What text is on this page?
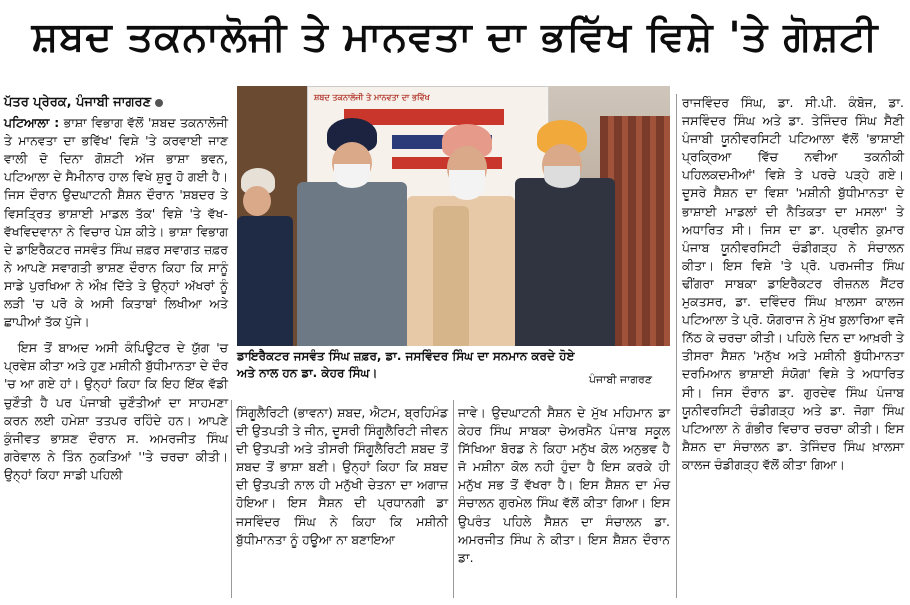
ਸ਼ਬਦ ਤਕਨਾਲੋਜੀ ਤੇ ਮਾਨਵਤਾ ਦਾ ਭਵਿੱਖ ਵਿਸ਼ੇ 'ਤੇ ਗੋਸ਼ਟੀ
ਪੱਤਰ ਪ੍ਰੇਰਕ, ਪੰਜਾਬੀ ਜਾਗਰਣ

ਪਟਿਆਲਾ : ਭਾਸ਼ਾ ਵਿਭਾਗ ਵੱਲੋਂ 'ਸ਼ਬਦ ਤਕਨਾਲੋਜੀ ਤੇ ਮਾਨਵਤਾ ਦਾ ਭਵਿੱਖ' ਵਿਸ਼ੇ 'ਤੇ ਕਰਵਾਈ ਜਾਣ ਵਾਲੀ ਦੋ ਦਿਨਾ ਗੋਸ਼ਟੀ ਅੱਜ ਭਾਸ਼ਾ ਭਵਨ, ਪਟਿਆਲਾ ਦੇ ਸੈਮੀਨਾਰ ਹਾਲ ਵਿਖੇ ਸ਼ੁਰੂ ਹੋ ਗਈ ਹੈ। ਜਿਸ ਦੌਰਾਨ ਉਦਘਾਟਨੀ ਸ਼ੈਸ਼ਨ ਦੌਰਾਨ 'ਸ਼ਬਦਰ ਤੇ ਵਿਸਤ੍ਰਿਤ ਭਾਸ਼ਾਈ ਮਾਡਲ ਤੱਕ' ਵਿਸ਼ੇ 'ਤੇ ਵੱਖ-ਵੱਖਵਿਦਵਾਨਾ ਨੇ ਵਿਚਾਰ ਪੇਸ਼ ਕੀਤੇ। ਭਾਸ਼ਾ ਵਿਭਾਗ ਦੇ ਡਾਇਰੈਕਟਰ ਜਸਵੰਤ ਸਿੰਘ ਜ਼ਫ਼ਰ ਸਵਾਗਤ ਜ਼ਫ਼ਰ ਨੇ ਆਪਣੇ ਸਵਾਗਤੀ ਭਾਸ਼ਣ ਦੌਰਾਨ ਕਿਹਾ ਕਿ ਸਾਨੂੰ ਸਾਡੇ ਪੁਰਖਿਆ ਨੇ ਔਖ਼ ਦਿੱਤੇ ਤੇ ਉਨ੍ਹਾਂ ਅੱਖਰਾਂ ਨੂੰ ਲੜੀ 'ਚ ਪਰੋ ਕੇ ਅਸੀ ਕਿਤਾਬਾਂ ਲਿਖੀਆ ਅਤੇ ਛਾਪੀਆਂ ਤੱਕ ਪੁੱਜੇ।

ਇਸ ਤੋਂ ਬਾਅਦ ਅਸੀ ਕੰਪਿਊਟਰ ਦੇ ਯੁੱਗ 'ਚ ਪ੍ਰਵੇਸ਼ ਕੀਤਾ ਅਤੇ ਹੁਣ ਮਸ਼ੀਨੀ ਬੁੱਧੀਮਾਨਤਾ ਦੇ ਦੌਰ 'ਚ ਆ ਗਏ ਹਾਂ। ਉਨ੍ਹਾਂ ਕਿਹਾ ਕਿ ਇਹ ਇੱਕ ਵੱਡੀ ਚੁਣੌਤੀ ਹੈ ਪਰ ਪੰਜਾਬੀ ਚੁਣੌਤੀਆਂ ਦਾ ਸਾਹਮਣਾ ਕਰਨ ਲਈ ਹਮੇਸ਼ਾ ਤਤਪਰ ਰਹਿੰਦੇ ਹਨ। ਆਪਣੇ ਕੁੰਜੀਵਤ ਭਾਸ਼ਣ ਦੌਰਾਨ ਸ. ਅਮਰਜੀਤ ਸਿੰਘ ਗਰੇਵਾਲ ਨੇ ਤਿੰਨ ਨੁਕਤਿਆਂ ''ਤੇ ਚਰਚਾ ਕੀਤੀ। ਉਨ੍ਹਾਂ ਕਿਹਾ ਸਾਡੀ ਪਹਿਲੀ

ਸ਼ਬਦ ਤਕਨਾਲੋਜੀ ਤੇ ਮਾਨਵਤਾ ਦਾ ਭਵਿੱਖ
ਡਾਇਰੈਕਟਰ ਜਸਵੰਤ ਸਿੰਘ ਜ਼ਫ਼ਰ, ਡਾ. ਜਸਵਿੰਦਰ ਸਿੰਘ ਦਾ ਸਨਮਾਨ ਕਰਦੇ ਹੋਏ
ਅਤੇ ਨਾਲ ਹਨ ਡਾ. ਕੇਹਰ ਸਿੰਘ।	ਪੰਜਾਬੀ ਜਾਗਰਣ

ਸਿੰਗੂਲੈਰਿਟੀ (ਭਾਵਨਾ) ਸ਼ਬਦ, ਐਟਮ, ਬ੍ਰਹਿਮੰਡ ਦੀ ਉਤਪਤੀ ਤੇ ਜੀਨ, ਦੂਸਰੀ ਸਿੰਗੂਲੈਰਿਟੀ ਜੀਵਨ ਦੀ ਉਤਪਤੀ ਅਤੇ ਤੀਸਰੀ ਸਿੰਗੂਲੈਰਿਟੀ ਸ਼ਬਦ ਤੋਂ ਸ਼ਬਦ ਤੋਂ ਭਾਸ਼ਾ ਬਣੀ। ਉਨ੍ਹਾਂ ਕਿਹਾ ਕਿ ਸ਼ਬਦ ਦੀ ਉਤਪਤੀ ਨਾਲ ਹੀ ਮਨੁੱਖੀ ਚੇਤਨਾ ਦਾ ਅਗਾਜ਼ ਹੋਇਆ। ਇਸ ਸੈਸ਼ਨ ਦੀ ਪ੍ਰਧਾਨਗੀ ਡਾ ਜਸਵਿੰਦਰ ਸਿੰਘ ਨੇ ਕਿਹਾ ਕਿ ਮਸ਼ੀਨੀ ਬੁੱਧੀਮਾਨਤਾ ਨੂੰ ਹਊਆ ਨਾ ਬਣਾਇਆ

ਜਾਵੇ। ਉਦਘਾਟਨੀ ਸੈਸ਼ਨ ਦੇ ਮੁੱਖ ਮਹਿਮਾਨ ਡਾ ਕੇਹਰ ਸਿੰਘ ਸਾਬਕਾ ਚੇਅਰਮੈਨ ਪੰਜਾਬ ਸਕੂਲ ਸਿੱਖਿਆ ਬੋਰਡ ਨੇ ਕਿਹਾ ਮਨੁੱਖ ਕੋਲ ਅਨੁਭਵ ਹੈ ਜੋ ਮਸ਼ੀਨਾ ਕੋਲ ਨਹੀ ਹੁੰਦਾ ਹੈ ਇਸ ਕਰਕੇ ਹੀ ਮਨੁੱਖ ਸਭ ਤੋਂ ਵੱਖਰਾ ਹੈ। ਇਸ ਸ਼ੈਸ਼ਨ ਦਾ ਮੰਚ ਸੰਚਾਲਨ ਗੁਰਮੇਲ ਸਿੰਘ ਵੱਲੋਂ ਕੀਤਾ ਗਿਆ। ਇਸ ਉਪਰੰਤ ਪਹਿਲੇ ਸੈਸ਼ਨ ਦਾ ਸੰਚਾਲਨ ਡਾ. ਅਮਰਜੀਤ ਸਿੰਘ ਨੇ ਕੀਤਾ। ਇਸ ਸ਼ੈਸ਼ਨ ਦੌਰਾਨ ਡਾ.

ਰਾਜਵਿੰਦਰ ਸਿੰਘ, ਡਾ. ਸੀ.ਪੀ. ਕੰਬੋਜ, ਡਾ. ਜਸਵਿੰਦਰ ਸਿੰਘ ਅਤੇ ਡਾ. ਤੇਜਿੰਦਰ ਸਿੰਘ ਸੈਣੀ ਪੰਜਾਬੀ ਯੂਨੀਵਰਸਿਟੀ ਪਟਿਆਲਾ ਵੱਲੋਂ 'ਭਾਸ਼ਾਈ ਪ੍ਰਕ੍ਰਿਆ ਵਿੱਚ ਨਵੀਆ ਤਕਨੀਕੀ ਪਹਿਲਕਦਮੀਆਂ' ਵਿਸ਼ੇ ਤੇ ਪਰਚੇ ਪੜ੍ਹੇ ਗਏ। ਦੂਸਰੇ ਸੈਸ਼ਨ ਦਾ ਵਿਸ਼ਾ 'ਮਸ਼ੀਨੀ ਬੁੱਧੀਮਾਨਤਾ ਦੇ ਭਾਸ਼ਾਈ ਮਾਡਲਾਂ ਦੀ ਨੈਤਿਕਤਾ ਦਾ ਮਸਲਾ' ਤੇ ਅਧਾਰਿਤ ਸੀ। ਜਿਸ ਦਾ ਡਾ. ਪ੍ਰਵੀਨ ਕੁਮਾਰ ਪੰਜਾਬ ਯੂਨੀਵਰਸਿਟੀ ਚੰਡੀਗੜ੍ਹ ਨੇ ਸੰਚਾਲਨ ਕੀਤਾ। ਇਸ ਵਿਸ਼ੇ 'ਤੇ ਪ੍ਰੋ. ਪਰਮਜੀਤ ਸਿੰਘ ਢੀਂਗਰਾ ਸਾਬਕਾ ਡਾਇਰੈਕਟਰ ਰੀਜ਼ਨਲ ਸੈਂਟਰ ਮੁਕਤਸਰ, ਡਾ. ਦਵਿੰਦਰ ਸਿੰਘ ਖ਼ਾਲਸਾ ਕਾਲਜ ਪਟਿਆਲਾ ਤੇ ਪ੍ਰੋ. ਯੋਗਰਾਜ ਨੇ ਮੁੱਖ ਬੁਲਾਰਿਆ ਵਜੋ ਨਿੱਠ ਕੇ ਚਰਚਾ ਕੀਤੀ। ਪਹਿਲੇ ਦਿਨ ਦਾ ਆਖ਼ਰੀ ਤੇ ਤੀਸਰਾ ਸੈਸ਼ਨ 'ਮਨੁੱਖ ਅਤੇ ਮਸ਼ੀਨੀ ਬੁੱਧੀਮਾਨਤਾ ਦਰਮਿਆਨ ਭਾਸ਼ਾਈ ਸੰਯੋਗ' ਵਿਸ਼ੇ ਤੇ ਅਧਾਰਿਤ ਸੀ। ਜਿਸ ਦੌਰਾਨ ਡਾ. ਗੁਰਦੇਵ ਸਿੰਘ ਪੰਜਾਬ ਯੂਨੀਵਰਸਿਟੀ ਚੰਡੀਗੜ੍ਹ ਅਤੇ ਡਾ. ਜੋਗਾ ਸਿੰਘ ਪਟਿਆਲਾ ਨੇ ਗੰਭੀਰ ਵਿਚਾਰ ਚਰਚਾ ਕੀਤੀ। ਇਸ ਸ਼ੈਸ਼ਨ ਦਾ ਸੰਚਾਲਨ ਡਾ. ਤੇਜਿੰਦਰ ਸਿੰਘ ਖ਼ਾਲਸਾ ਕਾਲਜ ਚੰਡੀਗੜ੍ਹ ਵੱਲੋਂ ਕੀਤਾ ਗਿਆ।
